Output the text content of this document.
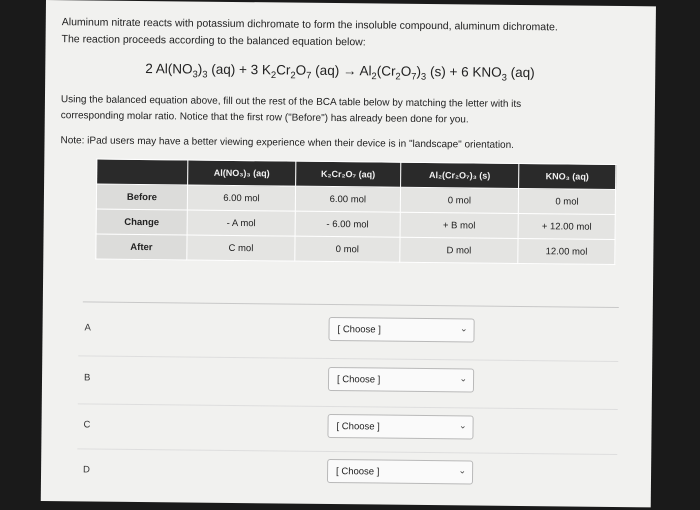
Aluminum nitrate reacts with potassium dichromate to form the insoluble compound, aluminum dichromate.
The reaction proceeds according to the balanced equation below:
2 $Al(NO_3)_3$ (aq) + 3 $K_2Cr_2O_7$ $(aq) \to Al_2(Cr_2O_7)_3$ (s) + 6 $KNO_3$ (aq)
Using the balanced equation above, fill out the rest of the BCA table below by matching the letter with its
corresponding molar ratio. Notice that the first row ("Before") has already been done for you.
Note: iPad users may have a better viewing experience when their device is in "landscape" orientation.
	Al(NO₃)₃ (aq)	K₂Cr₂O₇ (aq)	Al₂(Cr₂O₇)₃ (s)	KNO₃ (aq)
Before	6.00 mol	6.00 mol	0 mol	0 mol
Change	- A mol	- 6.00 mol	+ B mol	+ 12.00 mol
After	C mol	0 mol	D mol	12.00 mol
A	[ Choose ]	⌄
B	[ Choose ]	⌄
C	[ Choose ]	⌄
D	[ Choose ]	⌄
